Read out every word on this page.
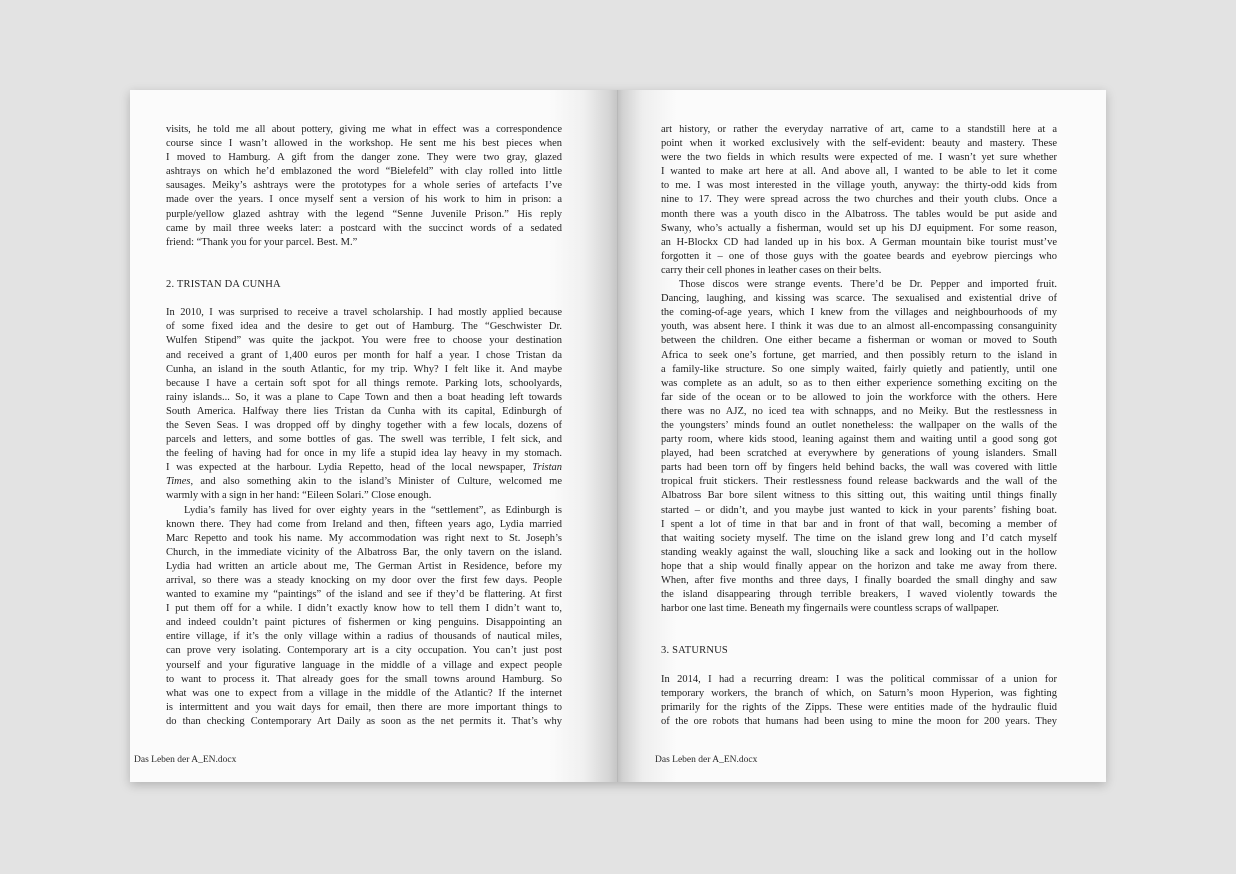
visits, he told me all about pottery, giving me what in effect was a correspondence
course since I wasn’t allowed in the workshop. He sent me his best pieces when
I moved to Hamburg. A gift from the danger zone. They were two gray, glazed
ashtrays on which he’d emblazoned the word “Bielefeld” with clay rolled into little
sausages. Meiky’s ashtrays were the prototypes for a whole series of artefacts I’ve
made over the years. I once myself sent a version of his work to him in prison: a
purple/yellow glazed ashtray with the legend “Senne Juvenile Prison.” His reply
came by mail three weeks later: a postcard with the succinct words of a sedated
friend: “Thank you for your parcel. Best. M.”
2. TRISTAN DA CUNHA
In 2010, I was surprised to receive a travel scholarship. I had mostly applied because
of some fixed idea and the desire to get out of Hamburg. The “Geschwister Dr.
Wulfen Stipend” was quite the jackpot. You were free to choose your destination
and received a grant of 1,400 euros per month for half a year. I chose Tristan da
Cunha, an island in the south Atlantic, for my trip. Why? I felt like it. And maybe
because I have a certain soft spot for all things remote. Parking lots, schoolyards,
rainy islands... So, it was a plane to Cape Town and then a boat heading left towards
South America. Halfway there lies Tristan da Cunha with its capital, Edinburgh of
the Seven Seas. I was dropped off by dinghy together with a few locals, dozens of
parcels and letters, and some bottles of gas. The swell was terrible, I felt sick, and
the feeling of having had for once in my life a stupid idea lay heavy in my stomach.
I was expected at the harbour. Lydia Repetto, head of the local newspaper, Tristan
Times, and also something akin to the island’s Minister of Culture, welcomed me
warmly with a sign in her hand: “Eileen Solari.” Close enough.
Lydia’s family has lived for over eighty years in the “settlement”, as Edinburgh is
known there. They had come from Ireland and then, fifteen years ago, Lydia married
Marc Repetto and took his name. My accommodation was right next to St. Joseph’s
Church, in the immediate vicinity of the Albatross Bar, the only tavern on the island.
Lydia had written an article about me, The German Artist in Residence, before my
arrival, so there was a steady knocking on my door over the first few days. People
wanted to examine my “paintings” of the island and see if they’d be flattering. At first
I put them off for a while. I didn’t exactly know how to tell them I didn’t want to,
and indeed couldn’t paint pictures of fishermen or king penguins. Disappointing an
entire village, if it’s the only village within a radius of thousands of nautical miles,
can prove very isolating. Contemporary art is a city occupation. You can’t just post
yourself and your figurative language in the middle of a village and expect people
to want to process it. That already goes for the small towns around Hamburg. So
what was one to expect from a village in the middle of the Atlantic? If the internet
is intermittent and you wait days for email, then there are more important things to
do than checking Contemporary Art Daily as soon as the net permits it. That’s why
Das Leben der A_EN.docx
art history, or rather the everyday narrative of art, came to a standstill here at a
point when it worked exclusively with the self-evident: beauty and mastery. These
were the two fields in which results were expected of me. I wasn’t yet sure whether
I wanted to make art here at all. And above all, I wanted to be able to let it come
to me. I was most interested in the village youth, anyway: the thirty-odd kids from
nine to 17. They were spread across the two churches and their youth clubs. Once a
month there was a youth disco in the Albatross. The tables would be put aside and
Swany, who’s actually a fisherman, would set up his DJ equipment. For some reason,
an H-Blockx CD had landed up in his box. A German mountain bike tourist must’ve
forgotten it – one of those guys with the goatee beards and eyebrow piercings who
carry their cell phones in leather cases on their belts.
Those discos were strange events. There’d be Dr. Pepper and imported fruit.
Dancing, laughing, and kissing was scarce. The sexualised and existential drive of
the coming-of-age years, which I knew from the villages and neighbourhoods of my
youth, was absent here. I think it was due to an almost all-encompassing consanguinity
between the children. One either became a fisherman or woman or moved to South
Africa to seek one’s fortune, get married, and then possibly return to the island in
a family-like structure. So one simply waited, fairly quietly and patiently, until one
was complete as an adult, so as to then either experience something exciting on the
far side of the ocean or to be allowed to join the workforce with the others. Here
there was no AJZ, no iced tea with schnapps, and no Meiky. But the restlessness in
the youngsters’ minds found an outlet nonetheless: the wallpaper on the walls of the
party room, where kids stood, leaning against them and waiting until a good song got
played, had been scratched at everywhere by generations of young islanders. Small
parts had been torn off by fingers held behind backs, the wall was covered with little
tropical fruit stickers. Their restlessness found release backwards and the wall of the
Albatross Bar bore silent witness to this sitting out, this waiting until things finally
started – or didn’t, and you maybe just wanted to kick in your parents’ fishing boat.
I spent a lot of time in that bar and in front of that wall, becoming a member of
that waiting society myself. The time on the island grew long and I’d catch myself
standing weakly against the wall, slouching like a sack and looking out in the hollow
hope that a ship would finally appear on the horizon and take me away from there.
When, after five months and three days, I finally boarded the small dinghy and saw
the island disappearing through terrible breakers, I waved violently towards the
harbor one last time. Beneath my fingernails were countless scraps of wallpaper.
3. SATURNUS
In 2014, I had a recurring dream: I was the political commissar of a union for
temporary workers, the branch of which, on Saturn’s moon Hyperion, was fighting
primarily for the rights of the Zipps. These were entities made of the hydraulic fluid
of the ore robots that humans had been using to mine the moon for 200 years. They
Das Leben der A_EN.docx
